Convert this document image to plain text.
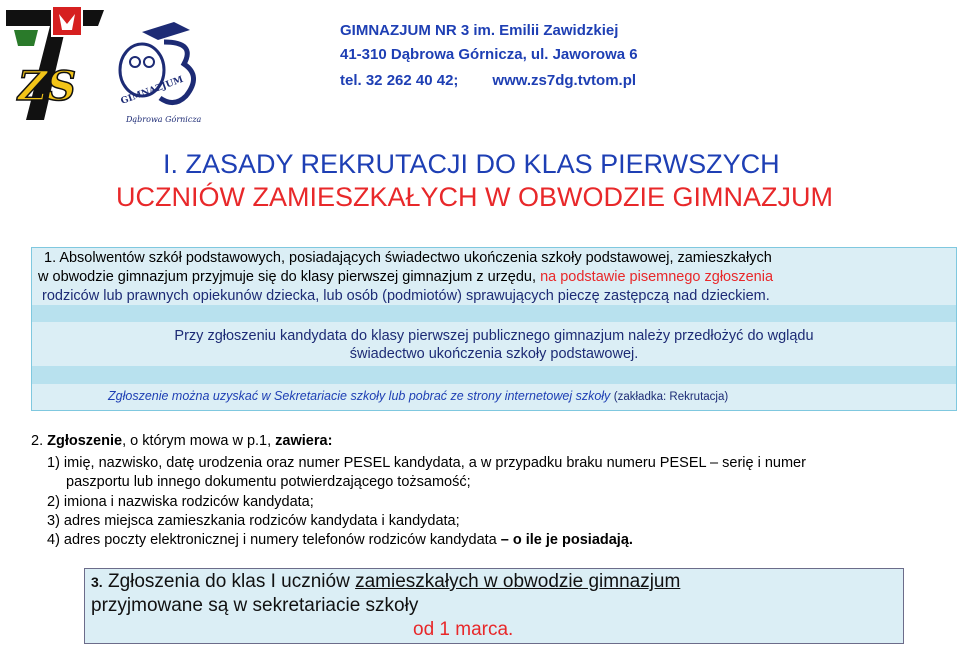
ZS	GIMNAZJUM
Dąbrowa Górnicza
GIMNAZJUM NR 3 im. Emilii Zawidzkiej
41-310 Dąbrowa Górnicza, ul. Jaworowa 6
tel. 32 262 40 42; www.zs7dg.tvtom.pl
I. ZASADY REKRUTACJI DO KLAS PIERWSZYCH
UCZNIÓW ZAMIESZKAŁYCH W OBWODZIE GIMNAZJUM
1. Absolwentów szkół podstawowych, posiadających świadectwo ukończenia szkoły podstawowej, zamieszkałych
w obwodzie gimnazjum przyjmuje się do klasy pierwszej gimnazjum z urzędu, na podstawie pisemnego zgłoszenia
rodziców lub prawnych opiekunów dziecka, lub osób (podmiotów) sprawujących pieczę zastępczą nad dzieckiem.
Przy zgłoszeniu kandydata do klasy pierwszej publicznego gimnazjum należy przedłożyć do wglądu
świadectwo ukończenia szkoły podstawowej.
Zgłoszenie można uzyskać w Sekretariacie szkoły lub pobrać ze strony internetowej szkoły (zakładka: Rekrutacja)
2. Zgłoszenie, o którym mowa w p.1, zawiera:
1) imię, nazwisko, datę urodzenia oraz numer PESEL kandydata, a w przypadku braku numeru PESEL – serię i numer
paszportu lub innego dokumentu potwierdzającego tożsamość;
2) imiona i nazwiska rodziców kandydata;
3) adres miejsca zamieszkania rodziców kandydata i kandydata;
4) adres poczty elektronicznej i numery telefonów rodziców kandydata – o ile je posiadają.
3. Zgłoszenia do klas I uczniów zamieszkałych w obwodzie gimnazjum
przyjmowane są w sekretariacie szkoły
od 1 marca.
